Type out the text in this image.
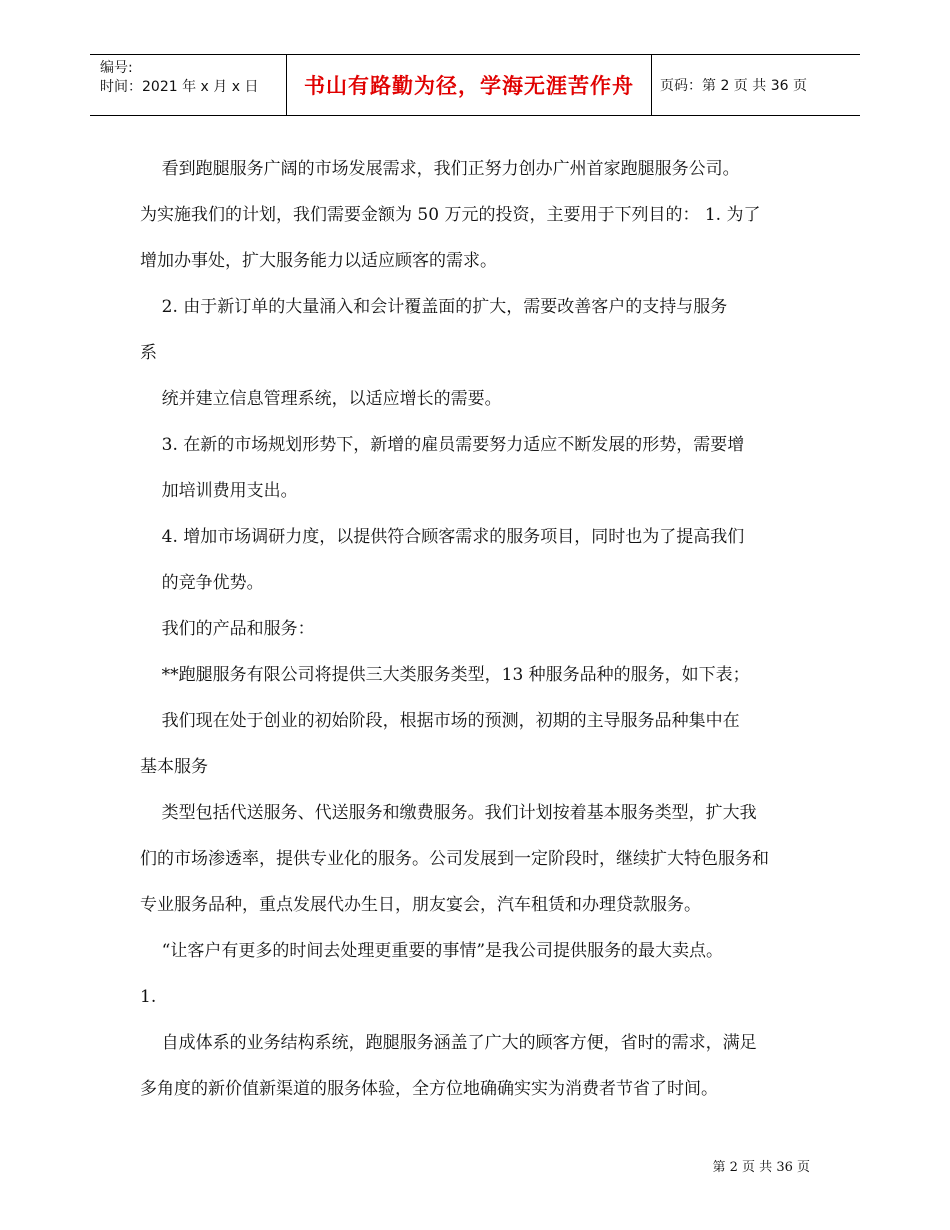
编号:
时间：2021 年 x 月 x 日 书山有路勤为径，学海无涯苦作舟 页码：第 2 页 共 36 页

看到跑腿服务广阔的市场发展需求，我们正努力创办广州首家跑腿服务公司。

为实施我们的计划，我们需要金额为 50 万元的投资，主要用于下列目的： 1. 为了

增加办事处，扩大服务能力以适应顾客的需求。

2. 由于新订单的大量涌入和会计覆盖面的扩大，需要改善客户的支持与服务

系

统并建立信息管理系统，以适应增长的需要。

3. 在新的市场规划形势下，新增的雇员需要努力适应不断发展的形势，需要增

加培训费用支出。

4. 增加市场调研力度，以提供符合顾客需求的服务项目，同时也为了提高我们

的竞争优势。

我们的产品和服务：

**跑腿服务有限公司将提供三大类服务类型，13 种服务品种的服务，如下表；

我们现在处于创业的初始阶段，根据市场的预测，初期的主导服务品种集中在

基本服务

类型包括代送服务、代送服务和缴费服务。我们计划按着基本服务类型，扩大我

们的市场渗透率，提供专业化的服务。公司发展到一定阶段时，继续扩大特色服务和

专业服务品种，重点发展代办生日，朋友宴会，汽车租赁和办理贷款服务。

“让客户有更多的时间去处理更重要的事情”是我公司提供服务的最大卖点。

1.

自成体系的业务结构系统，跑腿服务涵盖了广大的顾客方便，省时的需求，满足

多角度的新价值新渠道的服务体验，全方位地确确实实为消费者节省了时间。

第 2 页 共 36 页
